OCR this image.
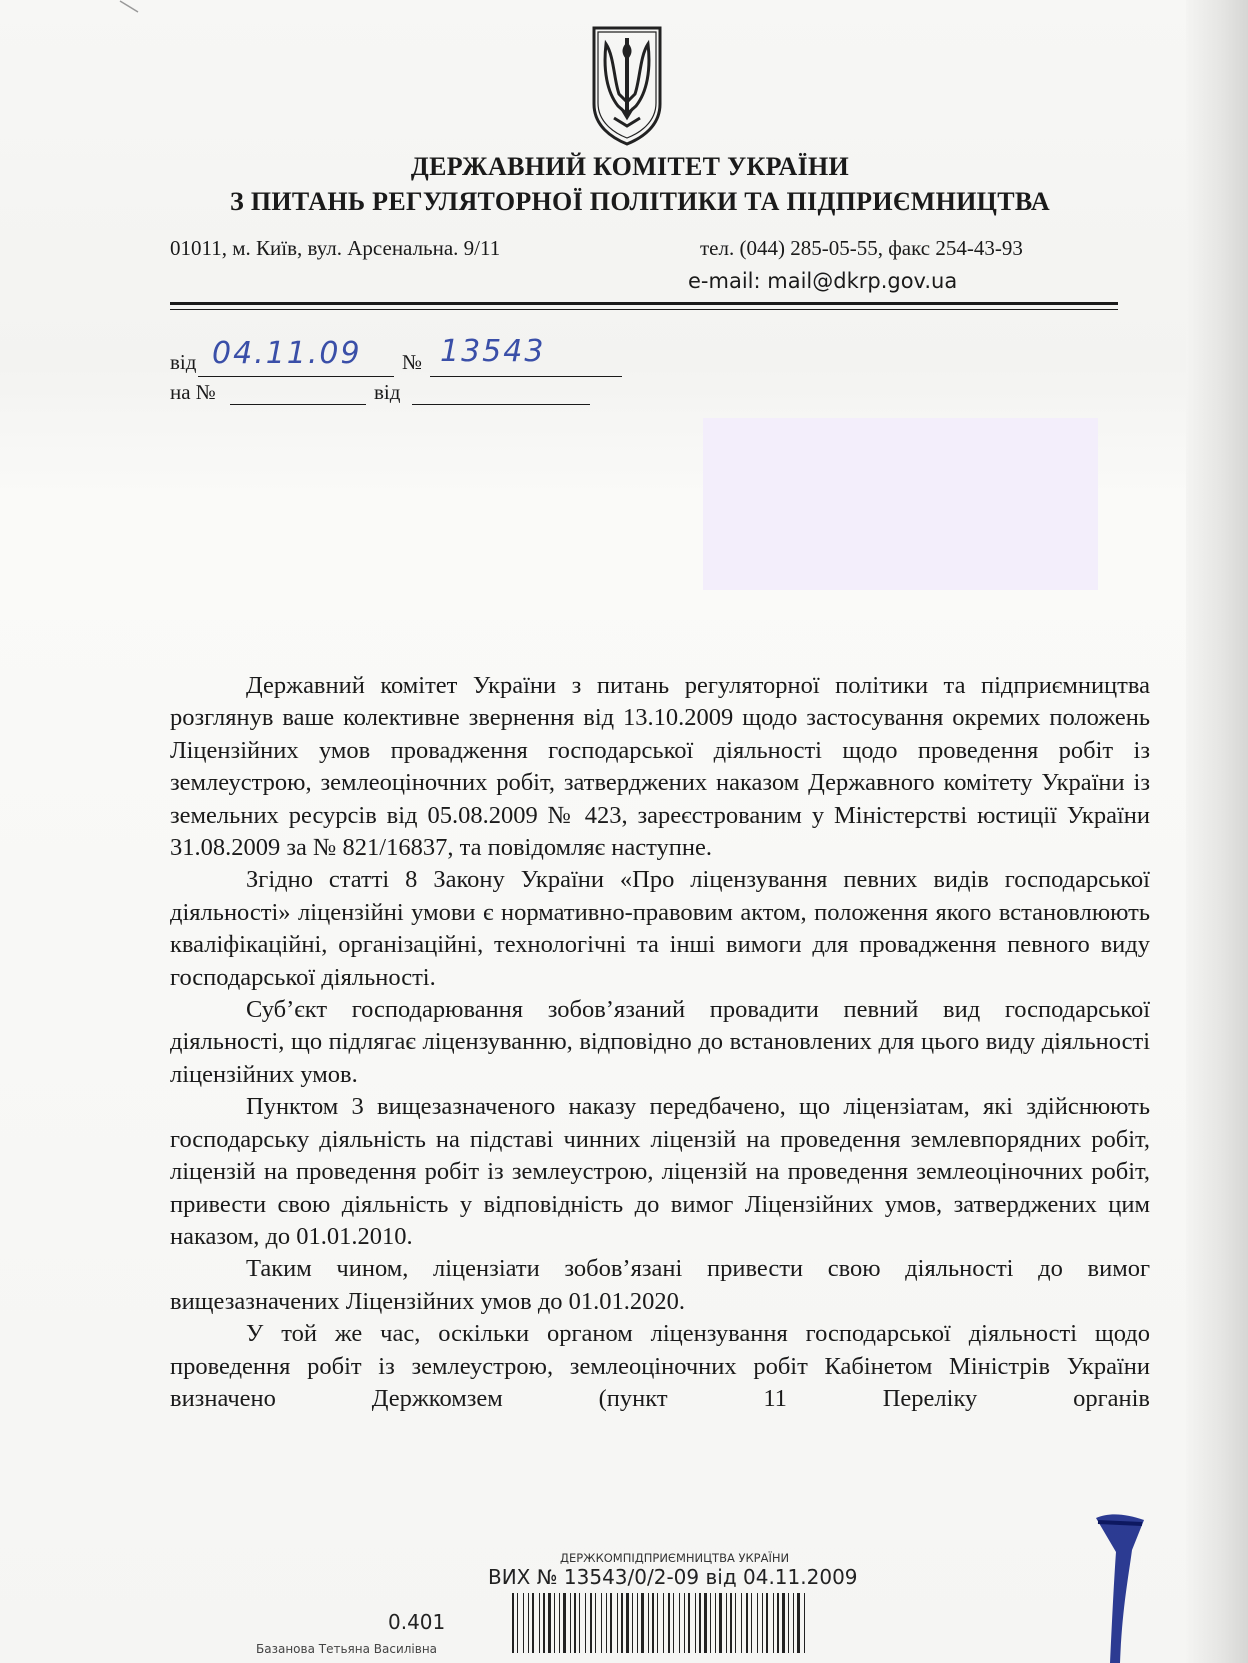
ДЕРЖАВНИЙ КОМІТЕТ УКРАЇНИ
З ПИТАНЬ РЕГУЛЯТОРНОЇ ПОЛІТИКИ ТА ПІДПРИЄМНИЦТВА
01011, м. Київ, вул. Арсенальна. 9/11	тел. (044) 285-05-55, факс 254-43-93
e-mail: mail@dkrp.gov.ua
від 04.11.09 № 13543
на №	від

Державний комітет України з питань регуляторної політики та підприємництва розглянув ваше колективне звернення від 13.10.2009 щодо застосування окремих положень Ліцензійних умов провадження господарської діяльності щодо проведення робіт із землеустрою, землеоціночних робіт, затверджених наказом Державного комітету України із земельних ресурсів від 05.08.2009 № 423, зареєстрованим у Міністерстві юстиції України 31.08.2009 за № 821/16837, та повідомляє наступне.

Згідно статті 8 Закону України «Про ліцензування певних видів господарської діяльності» ліцензійні умови є нормативно-правовим актом, положення якого встановлюють кваліфікаційні, організаційні, технологічні та інші вимоги для провадження певного виду господарської діяльності.

Суб’єкт господарювання зобов’язаний провадити певний вид господарської діяльності, що підлягає ліцензуванню, відповідно до встановлених для цього виду діяльності ліцензійних умов.

Пунктом 3 вищезазначеного наказу передбачено, що ліцензіатам, які здійснюють господарську діяльність на підставі чинних ліцензій на проведення землевпорядних робіт, ліцензій на проведення робіт із землеустрою, ліцензій на проведення землеоціночних робіт, привести свою діяльність у відповідність до вимог Ліцензійних умов, затверджених цим наказом, до 01.01.2010.

Таким чином, ліцензіати зобов’язані привести свою діяльності до вимог вищезазначених Ліцензійних умов до 01.01.2020.

У той же час, оскільки органом ліцензування господарської діяльності щодо проведення робіт із землеустрою, землеоціночних робіт Кабінетом Міністрів України визначено Держкомзем (пункт 11 Переліку органів

ДЕРЖКОМПІДПРИЄМНИЦТВА УКРАЇНИ
ВИХ № 13543/0/2-09 від 04.11.2009
0.401
Базанова Тетьяна Василівна
